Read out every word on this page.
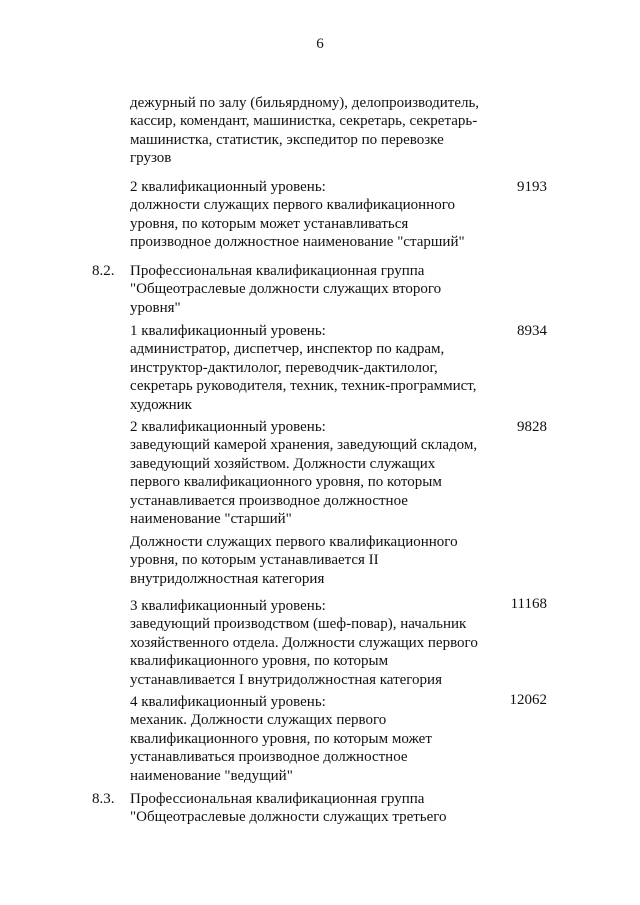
6
дежурный по залу (бильярдному), делопроизводитель,
кассир, комендант, машинистка, секретарь, секретарь-
машинистка, статистик, экспедитор по перевозке
грузов
2 квалификационный уровень:
должности служащих первого квалификационного
уровня, по которым может устанавливаться
производное должностное наименование "старший"
9193
8.2. Профессиональная квалификационная группа
"Общеотраслевые должности служащих второго
уровня"
1 квалификационный уровень:
администратор, диспетчер, инспектор по кадрам,
инструктор-дактилолог, переводчик-дактилолог,
секретарь руководителя, техник, техник-программист,
художник
8934
2 квалификационный уровень:
заведующий камерой хранения, заведующий складом,
заведующий хозяйством. Должности служащих
первого квалификационного уровня, по которым
устанавливается производное должностное
наименование "старший"
9828
Должности служащих первого квалификационного
уровня, по которым устанавливается II
внутридолжностная категория
3 квалификационный уровень:
заведующий производством (шеф-повар), начальник
хозяйственного отдела. Должности служащих первого
квалификационного уровня, по которым
устанавливается I внутридолжностная категория
11168
4 квалификационный уровень:
механик. Должности служащих первого
квалификационного уровня, по которым может
устанавливаться производное должностное
наименование "ведущий"
12062
8.3. Профессиональная квалификационная группа
"Общеотраслевые должности служащих третьего
